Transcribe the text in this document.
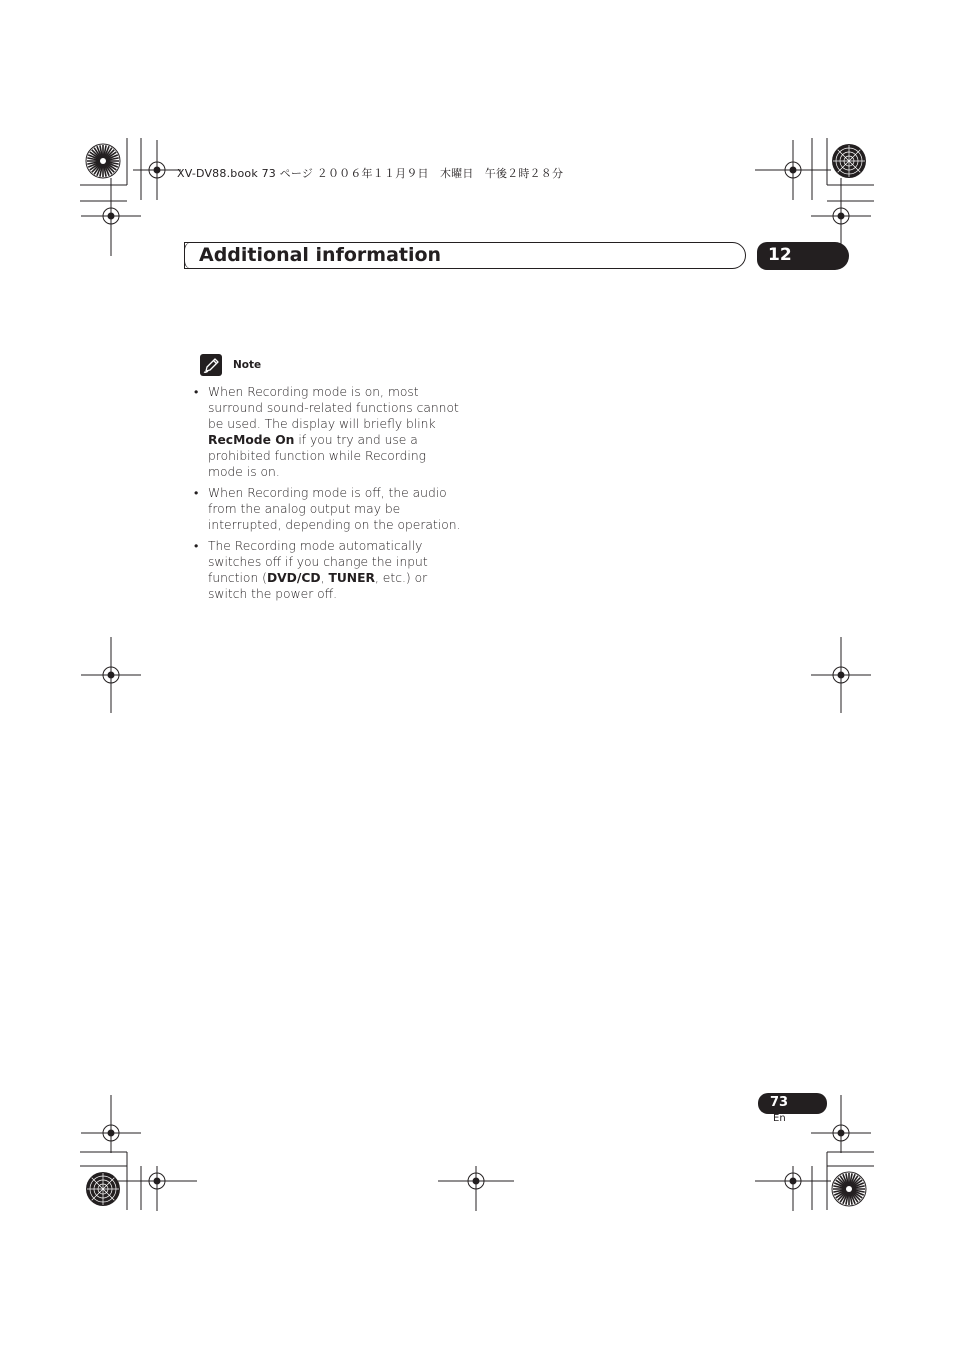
XV-DV88.book 73 ページ ２００６年１１月９日　木曜日　午後２時２８分
Additional information	12
Note
• When Recording mode is on, most surround sound-related functions cannot be used. The display will briefly blink RecMode On if you try and use a prohibited function while Recording mode is on.
• When Recording mode is off, the audio from the analog output may be interrupted, depending on the operation.
• The Recording mode automatically switches off if you change the input function (DVD/CD, TUNER, etc.) or switch the power off.
73
En
